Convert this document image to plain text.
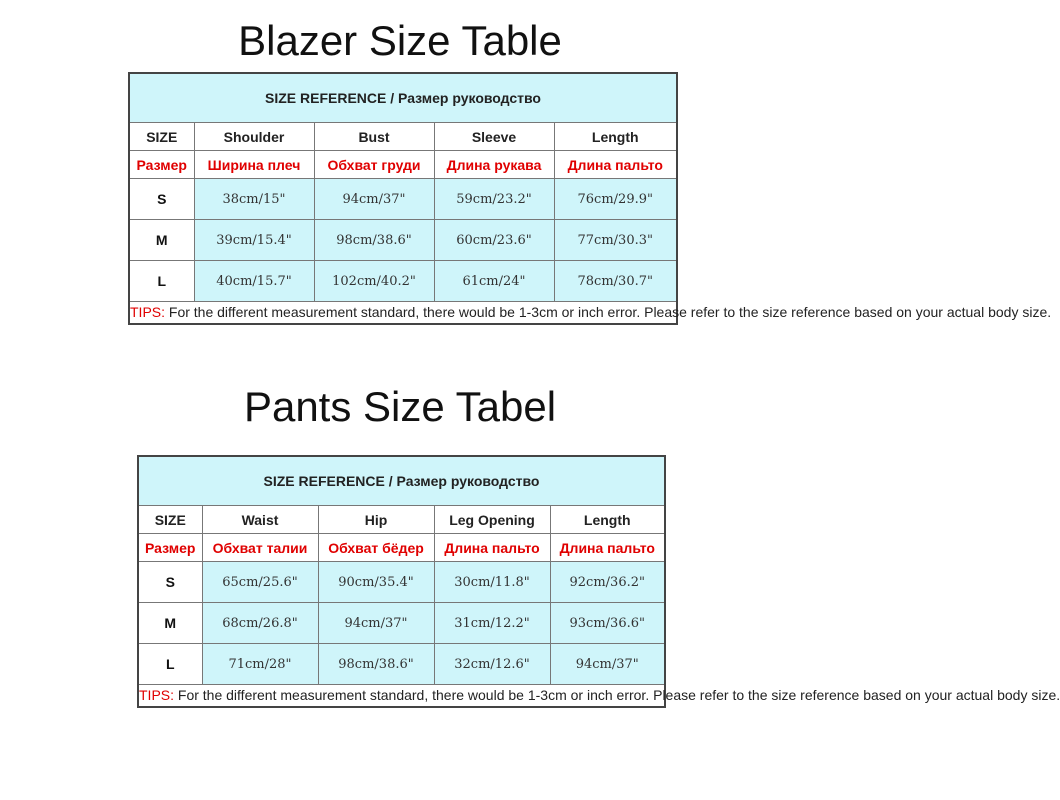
Blazer Size Table
SIZE REFERENCE / Размер руководство				
SIZE	Shoulder	Bust	Sleeve	Length
Размер	Ширина плеч	Обхват груди	Длина рукава	Длина пальто
S	38cm/15"	94cm/37"	59cm/23.2"	76cm/29.9"
M	39cm/15.4"	98cm/38.6"	60cm/23.6"	77cm/30.3"
L	40cm/15.7"	102cm/40.2"	61cm/24"	78cm/30.7"
TIPS: For the different measurement standard, there would be 1-3cm or inch error. Please refer to the size reference based on your actual body size.				
Pants Size Tabel
SIZE REFERENCE / Размер руководство				
SIZE	Waist	Hip	Leg Opening	Length
Размер	Обхват талии	Обхват бёдер	Длина пальто	Длина пальто
S	65cm/25.6"	90cm/35.4"	30cm/11.8"	92cm/36.2"
M	68cm/26.8"	94cm/37"	31cm/12.2"	93cm/36.6"
L	71cm/28"	98cm/38.6"	32cm/12.6"	94cm/37"
TIPS: For the different measurement standard, there would be 1-3cm or inch error. Please refer to the size reference based on your actual body size.				
